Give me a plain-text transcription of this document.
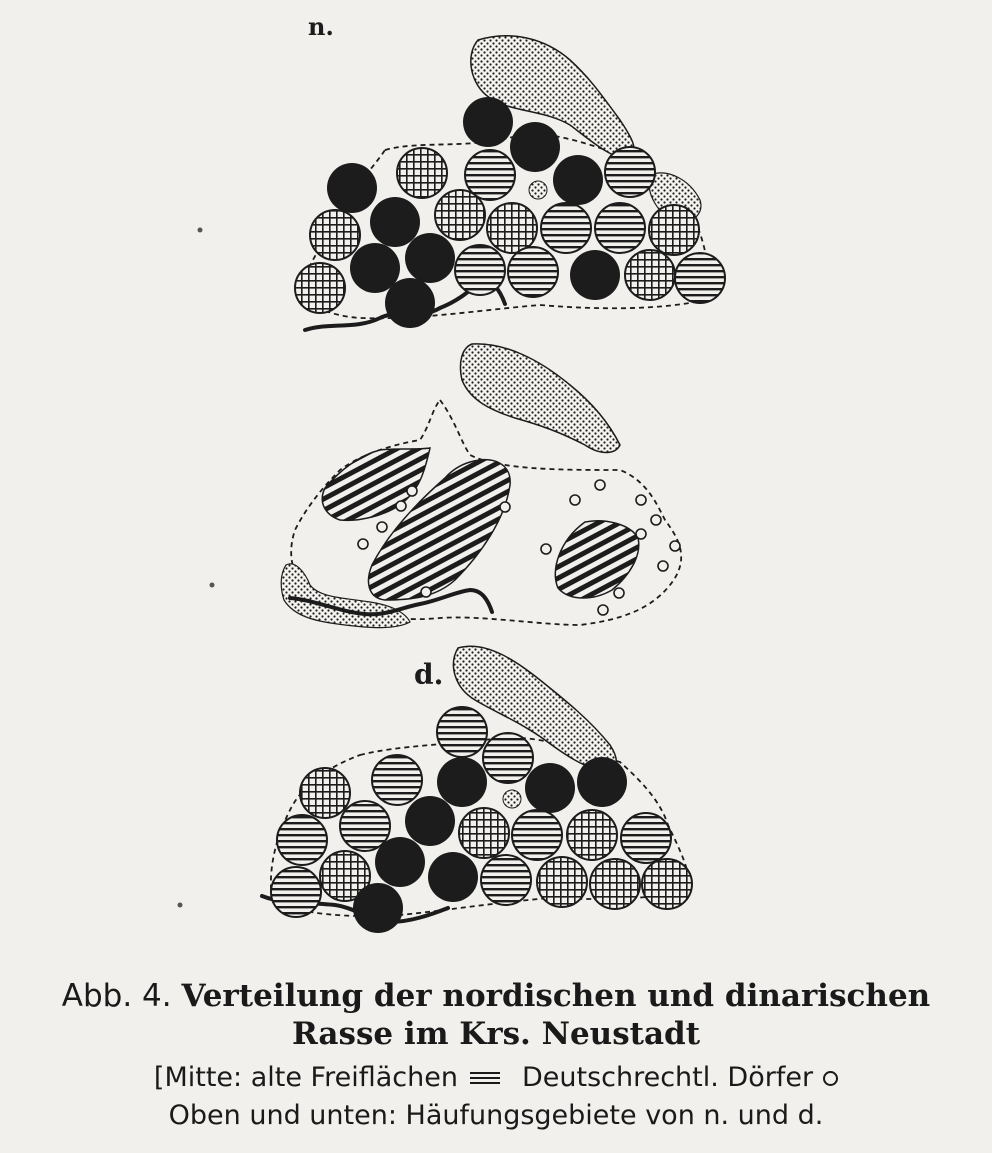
n.
d.
Abb. 4. Verteilung der nordischen und dinarischen
Rasse im Krs. Neustadt
[Mitte: alte Freiflächen Deutschrechtl. Dörfer
Oben und unten: Häufungsgebiete von n. und d.
